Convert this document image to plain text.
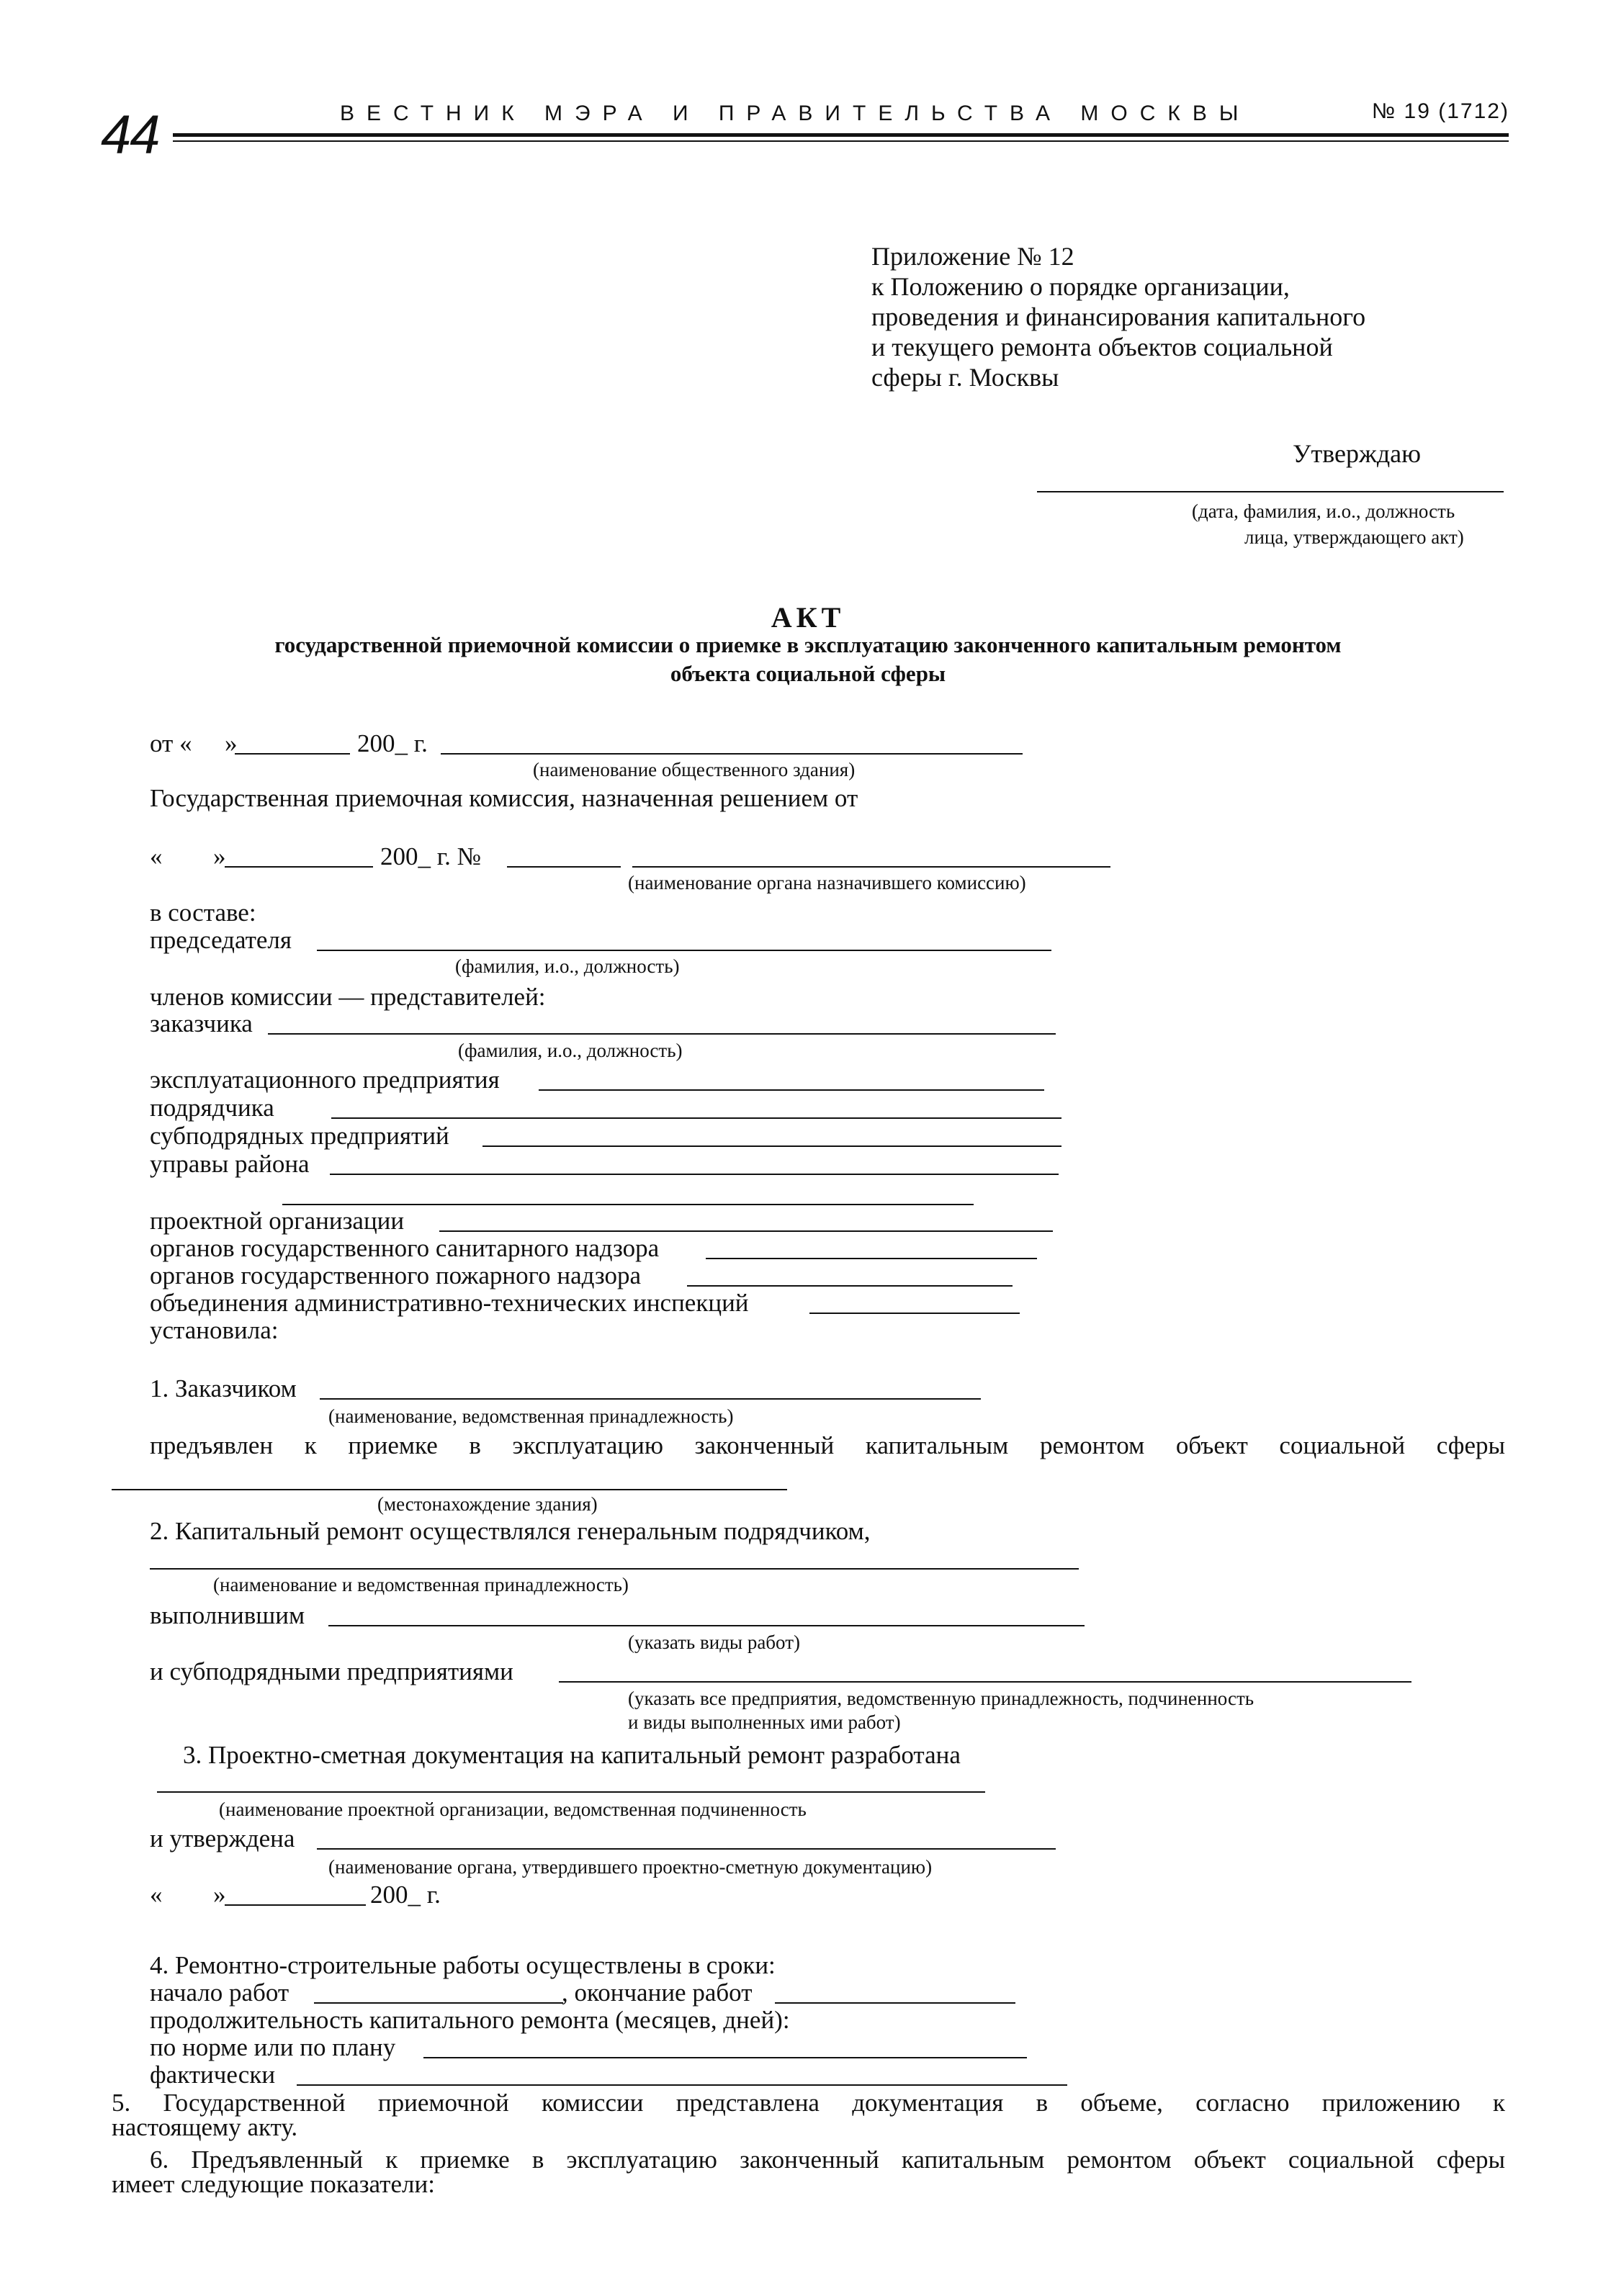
44	ВЕСТНИК МЭРА И ПРАВИТЕЛЬСТВА МОСКВЫ	№ 19 (1712)
Приложение № 12
к Положению о порядке организации,
проведения и финансирования капитального
и текущего ремонта объектов социальной
сферы г. Москвы
Утверждаю
(дата, фамилия, и.о., должность
лица, утверждающего акт)
АКТ
государственной приемочной комиссии о приемке в эксплуатацию законченного капитальным ремонтом
объекта социальной сферы
от « »	200_ г.
(наименование общественного здания)
Государственная приемочная комиссия, назначенная решением от
« »	200_ г. №
(наименование органа назначившего комиссию)
в составе:
председателя
(фамилия, и.о., должность)
членов комиссии — представителей:
заказчика
(фамилия, и.о., должность)
эксплуатационного предприятия
подрядчика
субподрядных предприятий
управы района
проектной организации
органов государственного санитарного надзора
органов государственного пожарного надзора
объединения административно-технических инспекций
установила:
1. Заказчиком
(наименование, ведомственная принадлежность)
предъявлен к приемке в эксплуатацию законченный капитальным ремонтом объект социальной сферы
(местонахождение здания)
2. Капитальный ремонт осуществлялся генеральным подрядчиком,
(наименование и ведомственная принадлежность)
выполнившим
(указать виды работ)
и субподрядными предприятиями
(указать все предприятия, ведомственную принадлежность, подчиненность
и виды выполненных ими работ)
3. Проектно-сметная документация на капитальный ремонт разработана
(наименование проектной организации, ведомственная подчиненность
и утверждена
(наименование органа, утвердившего проектно-сметную документацию)
« »	200_ г.
4. Ремонтно-строительные работы осуществлены в сроки:
начало работ	, окончание работ
продолжительность капитального ремонта (месяцев, дней):
по норме или по плану
фактически
5. Государственной приемочной комиссии представлена документация в объеме, согласно приложению к
настоящему акту.
6. Предъявленный к приемке в эксплуатацию законченный капитальным ремонтом объект социальной сферы
имеет следующие показатели:
